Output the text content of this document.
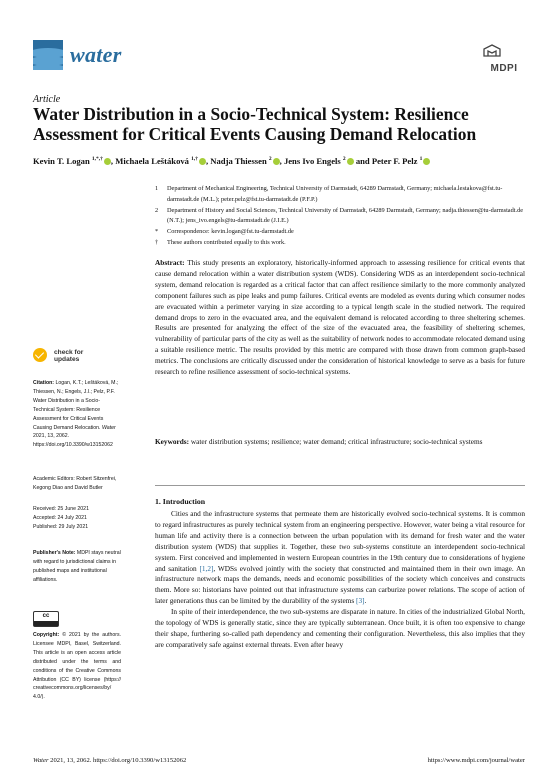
water
MDPI
Article
Water Distribution in a Socio-Technical System: Resilience Assessment for Critical Events Causing Demand Relocation
Kevin T. Logan $^{1,*,\dagger}$ , Michaela Leštáková $^{1,\dagger}$ , Nadja Thiessen $^2$ , Jens Ivo Engels $^2$ and Peter F. Pelz $^1$
1	Department of Mechanical Engineering, Technical University of Darmstadt, 64289 Darmstadt, Germany; michaela.lestakova@fst.tu-darmstadt.de (M.L.); peter.pelz@fst.tu-darmstadt.de (P.F.P.)
2	Department of History and Social Sciences, Technical University of Darmstadt, 64289 Darmstadt, Germany; nadja.thiessen@tu-darmstadt.de (N.T.); jens_ivo.engels@tu-darmstadt.de (J.I.E.)
*	Correspondence: kevin.logan@fst.tu-darmstadt.de
†	These authors contributed equally to this work.
Abstract: This study presents an exploratory, historically-informed approach to assessing resilience for critical events that cause demand relocation within a water distribution system (WDS). Considering WDS as an interdependent socio-technical system, demand relocation is regarded as a critical factor that can affect resilience similarly to the more commonly analyzed component failures such as pipe leaks and pump failures. Critical events are modeled as events during which consumer nodes are evacuated within a perimeter varying in size according to a typical length scale in the studied network. The required demand drops to zero in the evacuated area, and the equivalent demand is relocated according to three sheltering schemes. Results are presented for analyzing the effect of the size of the evacuated area, the feasibility of sheltering schemes, vulnerability of particular parts of the city as well as the suitability of network nodes to accommodate relocated demand using a suitable resilience metric. The results provided by this metric are compared with those drawn from common graph-based metrics. The conclusions are critically discussed under the consideration of historical knowledge to serve as a basis for future research to refine resilience assessment of socio-technical systems.
Keywords: water distribution systems; resilience; water demand; critical infrastructure; socio-technical systems
1. Introduction

Cities and the infrastructure systems that permeate them are historically evolved socio-technical systems. It is common to regard infrastructures as purely technical system from an engineering perspective. However, water being a vital resource for human life and activity there is a connection between the urban population with its demand for fresh water and the water distribution system (WDS) that supplies it. Together, these two sub-systems constitute an interdependent socio-technical system. First conceived and implemented in western European countries in the 19th century due to considerations of hygiene and sanitation [1,2], WDSs evolved jointly with the society that constructed and maintained them in their own image. An infrastructure network maps the demands, needs and economic possibilities of the society which conceives and constructs them. More so: historians have pointed out that infrastructure systems can carburize power relations. The scope of action of later generations thus can be limited by the durability of the systems [3].

In spite of their interdependence, the two sub-systems are disparate in nature. In cities of the industrialized Global North, the topology of WDS is generally static, since they are typically subterranean. Once built, it is often too expensive to change their shape, furthering so-called path dependency and cementing their configuration. Nevertheless, this also implies that they are comparatively safe against external threats. Even after heavy

check for
updates
Citation: Logan, K.T.; Leštáková, M.; Thiessen, N.; Engels, J.I.; Pelz, P.F. Water Distribution in a Socio-Technical System: Resilience Assessment for Critical Events Causing Demand Relocation. Water 2021, 13, 2062. https://doi.org/10.3390/w13152062
Academic Editors: Robert Sitzenfrei, Kegong Diao and David Butler
Received: 25 June 2021
Accepted: 24 July 2021
Published: 29 July 2021
Publisher's Note: MDPI stays neutral with regard to jurisdictional claims in published maps and institutional affiliations.
cc
Copyright: © 2021 by the authors. Licensee MDPI, Basel, Switzerland. This article is an open access article distributed under the terms and conditions of the Creative Commons Attribution (CC BY) license (https:// creativecommons.org/licenses/by/ 4.0/).
Water 2021, 13, 2062. https://doi.org/10.3390/w13152062	https://www.mdpi.com/journal/water
